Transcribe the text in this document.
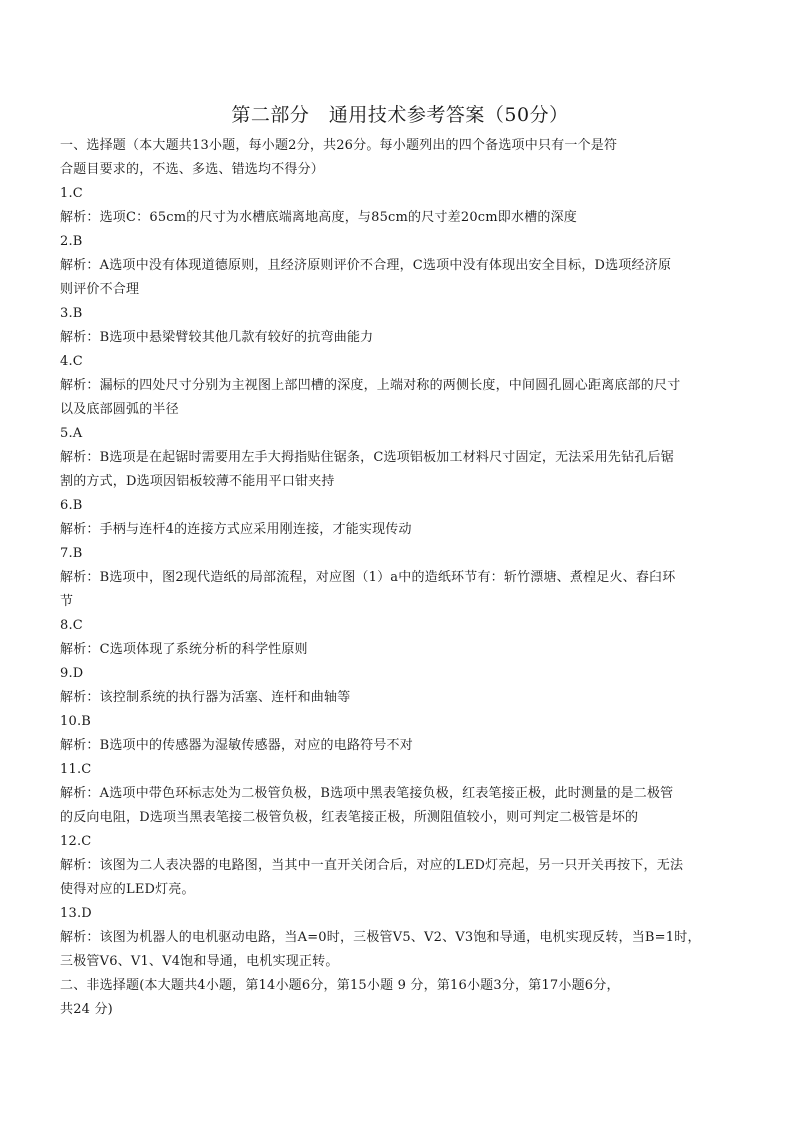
第二部分　通用技术参考答案（50分）
一、选择题（本大题共13小题，每小题2分，共26分。每小题列出的四个备选项中只有一个是符
合题目要求的，不选、多选、错选均不得分）
1.C
解析：选项C：65cm的尺寸为水槽底端离地高度，与85cm的尺寸差20cm即水槽的深度
2.B
解析：A选项中没有体现道德原则，且经济原则评价不合理，C选项中没有体现出安全目标，D选项经济原
则评价不合理
3.B
解析：B选项中悬梁臂较其他几款有较好的抗弯曲能力
4.C
解析：漏标的四处尺寸分别为主视图上部凹槽的深度，上端对称的两侧长度，中间圆孔圆心距离底部的尺寸
以及底部圆弧的半径
5.A
解析：B选项是在起锯时需要用左手大拇指贴住锯条，C选项铝板加工材料尺寸固定，无法采用先钻孔后锯
割的方式，D选项因铝板较薄不能用平口钳夹持
6.B
解析：手柄与连杆4的连接方式应采用刚连接，才能实现传动
7.B
解析：B选项中，图2现代造纸的局部流程，对应图（1）a中的造纸环节有：斩竹漂塘、煮楻足火、舂臼环
节
8.C
解析：C选项体现了系统分析的科学性原则
9.D
解析：该控制系统的执行器为活塞、连杆和曲轴等
10.B
解析：B选项中的传感器为湿敏传感器，对应的电路符号不对
11.C
解析：A选项中带色环标志处为二极管负极，B选项中黑表笔接负极，红表笔接正极，此时测量的是二极管
的反向电阻，D选项当黑表笔接二极管负极，红表笔接正极，所测阻值较小，则可判定二极管是坏的
12.C
解析：该图为二人表决器的电路图，当其中一直开关闭合后，对应的LED灯亮起，另一只开关再按下，无法
使得对应的LED灯亮。
13.D
解析：该图为机器人的电机驱动电路，当A=0时，三极管V5、V2、V3饱和导通，电机实现反转，当B=1时，
三极管V6、V1、V4饱和导通，电机实现正转。
二、非选择题(本大题共4小题，第14小题6分，第15小题 9 分，第16小题3分，第17小题6分，
共24 分)
